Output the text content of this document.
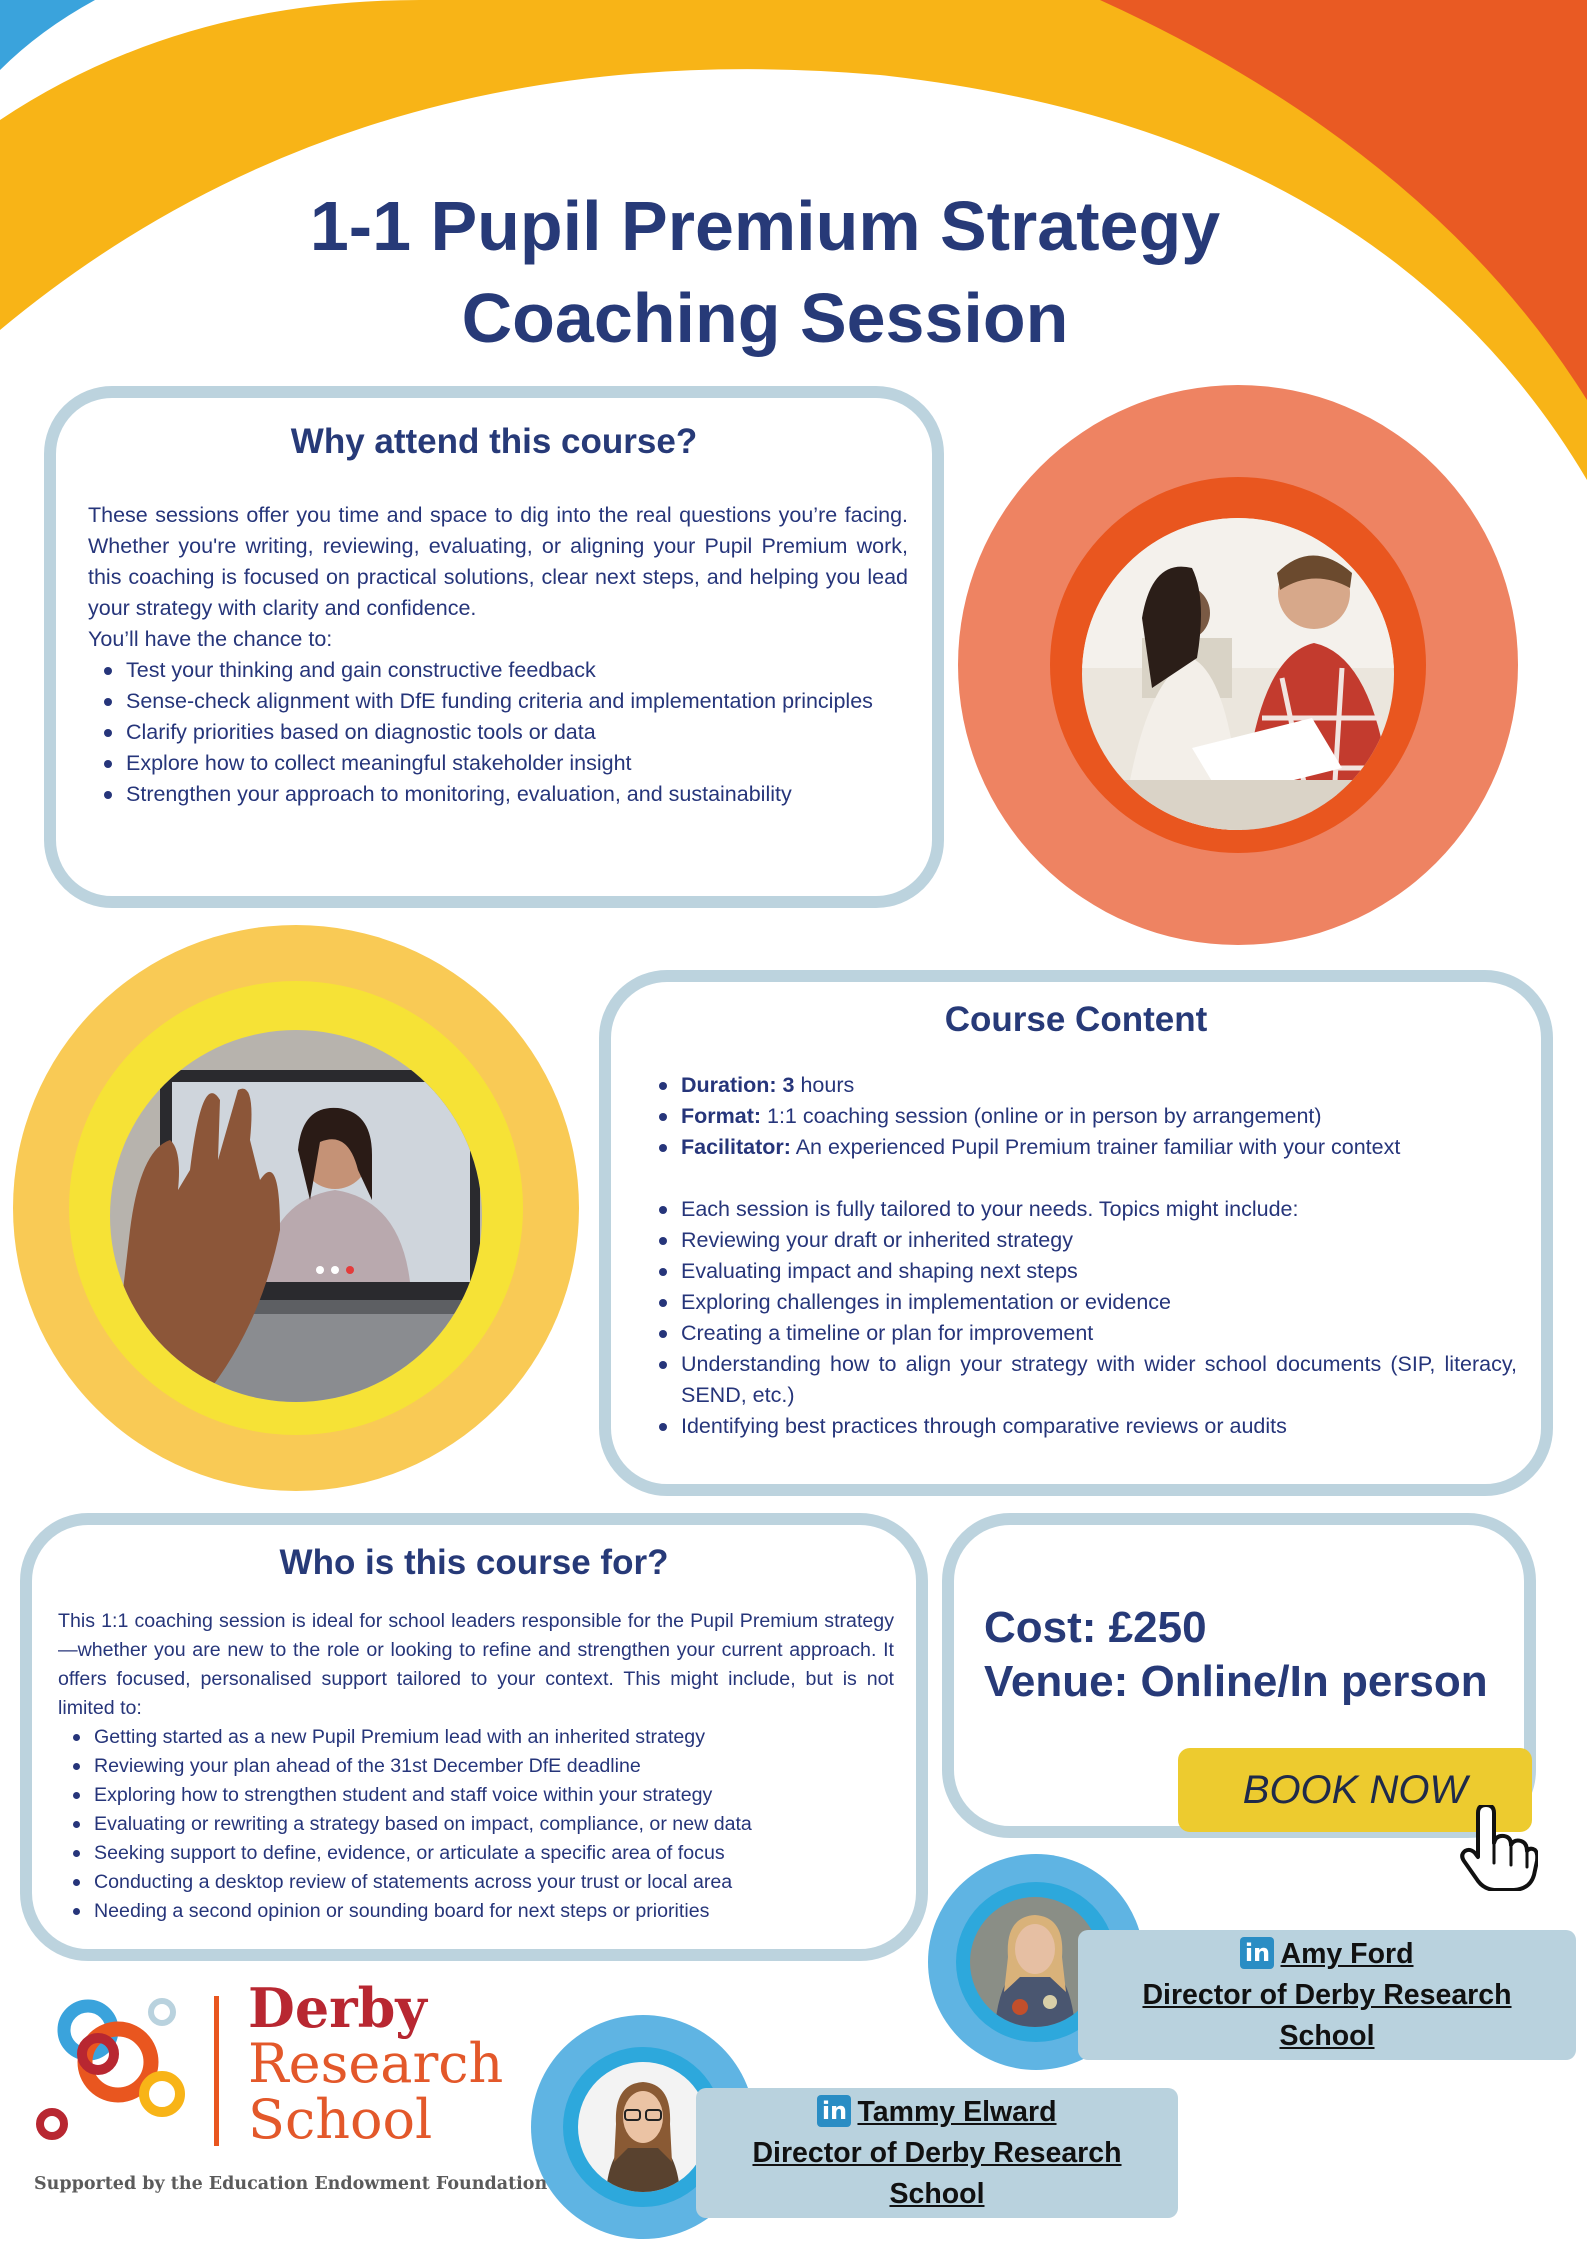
1-1 Pupil Premium Strategy
Coaching Session
Why attend this course?

These sessions offer you time and space to dig into the real questions you’re facing. Whether you're writing, reviewing, evaluating, or aligning your Pupil Premium work, this coaching is focused on practical solutions, clear next steps, and helping you lead your strategy with clarity and confidence.

You’ll have the chance to:

Test your thinking and gain constructive feedback
Sense-check alignment with DfE funding criteria and implementation principles
Clarify priorities based on diagnostic tools or data
Explore how to collect meaningful stakeholder insight
Strengthen your approach to monitoring, evaluation, and sustainability
Course Content
Duration: 3 hours
Format: 1:1 coaching session (online or in person by arrangement)
Facilitator: An experienced Pupil Premium trainer familiar with your context
Each session is fully tailored to your needs. Topics might include:
Reviewing your draft or inherited strategy
Evaluating impact and shaping next steps
Exploring challenges in implementation or evidence
Creating a timeline or plan for improvement
Understanding how to align your strategy with wider school documents (SIP, literacy, SEND, etc.)
Identifying best practices through comparative reviews or audits
Who is this course for?

This 1:1 coaching session is ideal for school leaders responsible for the Pupil Premium strategy—whether you are new to the role or looking to refine and strengthen your current approach. It offers focused, personalised support tailored to your context. This might include, but is not limited to:

Getting started as a new Pupil Premium lead with an inherited strategy
Reviewing your plan ahead of the 31st December DfE deadline
Exploring how to strengthen student and staff voice within your strategy
Evaluating or rewriting a strategy based on impact, compliance, or new data
Seeking support to define, evidence, or articulate a specific area of focus
Conducting a desktop review of statements across your trust or local area
Needing a second opinion or sounding board for next steps or priorities
Cost: £250
Venue: Online/In person
BOOK NOW
in Amy Ford
Director of Derby Research
School
in Tammy Elward
Director of Derby Research
School
Derby
Research
School
Supported by the Education Endowment Foundation
